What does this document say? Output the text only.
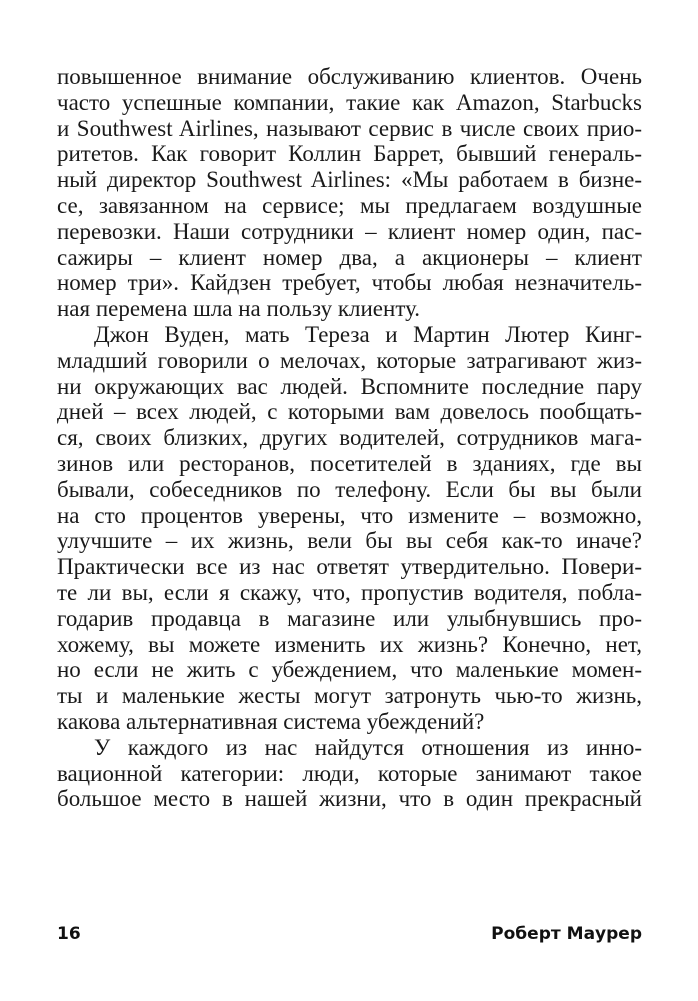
повышенное внимание обслуживанию клиентов. Очень
часто успешные компании, такие как Amazon, Starbucks
и Southwest Airlines, называют сервис в числе своих прио-
ритетов. Как говорит Коллин Баррет, бывший генераль-
ный директор Southwest Airlines: «Мы работаем в бизне-
се, завязанном на сервисе; мы предлагаем воздушные
перевозки. Наши сотрудники – клиент номер один, пас-
сажиры – клиент номер два, а акционеры – клиент
номер три». Кайдзен требует, чтобы любая незначитель-
ная перемена шла на пользу клиенту.
Джон Вуден, мать Тереза и Мартин Лютер Кинг-
младший говорили о мелочах, которые затрагивают жиз-
ни окружающих вас людей. Вспомните последние пару
дней – всех людей, с которыми вам довелось пообщать-
ся, своих близких, других водителей, сотрудников мага-
зинов или ресторанов, посетителей в зданиях, где вы
бывали, собеседников по телефону. Если бы вы были
на сто процентов уверены, что измените – возможно,
улучшите – их жизнь, вели бы вы себя как-то иначе?
Практически все из нас ответят утвердительно. Повери-
те ли вы, если я скажу, что, пропустив водителя, побла-
годарив продавца в магазине или улыбнувшись про-
хожему, вы можете изменить их жизнь? Конечно, нет,
но если не жить с убеждением, что маленькие момен-
ты и маленькие жесты могут затронуть чью-то жизнь,
какова альтернативная система убеждений?
У каждого из нас найдутся отношения из инно-
вационной категории: люди, которые занимают такое
большое место в нашей жизни, что в один прекрасный
16	Роберт Маурер
